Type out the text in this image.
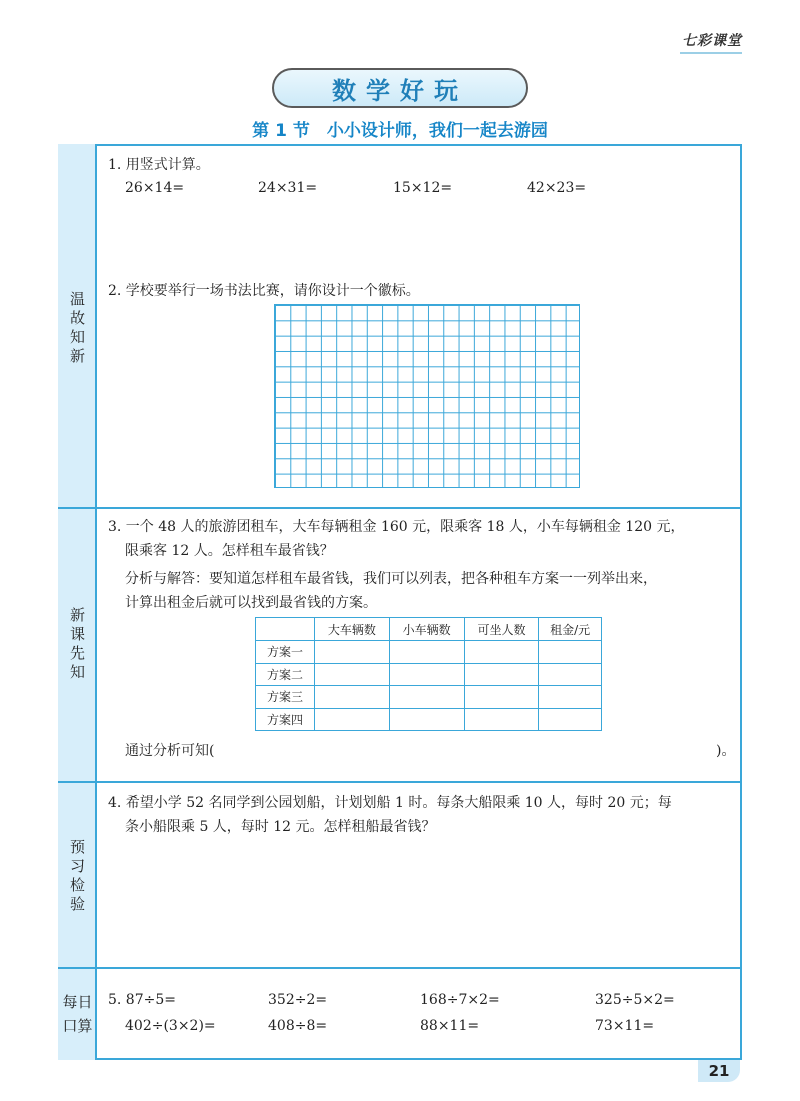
七彩课堂
数学好玩
第 1 节　小小设计师，我们一起去游园
温故知新
新课先知
预习检验
每日口算
1. 用竖式计算。
26×14=	24×31=	15×12=	42×23=
2. 学校要举行一场书法比赛，请你设计一个徽标。
3. 一个 48 人的旅游团租车，大车每辆租金 160 元，限乘客 18 人，小车每辆租金 120 元，
限乘客 12 人。怎样租车最省钱？
分析与解答：要知道怎样租车最省钱，我们可以列表，把各种租车方案一一列举出来，
计算出租金后就可以找到最省钱的方案。
	大车辆数	小车辆数	可坐人数	租金/元
方案一				
方案二				
方案三				
方案四				
通过分析可知(	)。
4. 希望小学 52 名同学到公园划船，计划划船 1 时。每条大船限乘 10 人，每时 20 元；每
条小船限乘 5 人，每时 12 元。怎样租船最省钱？
5. 87÷5=	352÷2=	168÷7×2=	325÷5×2=
402÷(3×2)=	408÷8=	88×11=	73×11=
21
